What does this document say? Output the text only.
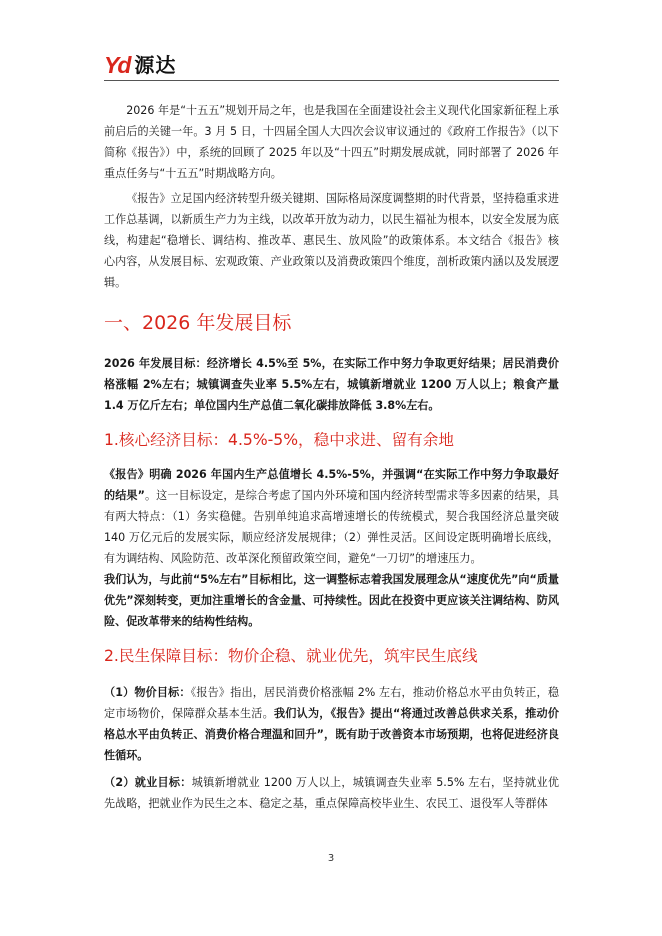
Yd 源达

2026 年是“十五五”规划开局之年，也是我国在全面建设社会主义现代化国家新征程上承前启后的关键一年。3 月 5 日，十四届全国人大四次会议审议通过的《政府工作报告》（以下简称《报告》）中，系统的回顾了 2025 年以及“十四五”时期发展成就，同时部署了 2026 年重点任务与“十五五”时期战略方向。

《报告》立足国内经济转型升级关键期、国际格局深度调整期的时代背景，坚持稳重求进工作总基调，以新质生产力为主线，以改革开放为动力，以民生福祉为根本，以安全发展为底线，构建起“稳增长、调结构、推改革、惠民生、放风险”的政策体系。本文结合《报告》核心内容，从发展目标、宏观政策、产业政策以及消费政策四个维度，剖析政策内涵以及发展逻辑。

一、2026 年发展目标

2026 年发展目标：经济增长 4.5%至 5%，在实际工作中努力争取更好结果；居民消费价格涨幅 2%左右；城镇调查失业率 5.5%左右，城镇新增就业 1200 万人以上；粮食产量 1.4 万亿斤左右；单位国内生产总值二氧化碳排放降低 3.8%左右。

1.核心经济目标：4.5%-5%，稳中求进、留有余地

《报告》明确 2026 年国内生产总值增长 4.5%-5%，并强调“在实际工作中努力争取最好的结果”。这一目标设定，是综合考虑了国内外环境和国内经济转型需求等多因素的结果，具有两大特点：（1）务实稳健。告别单纯追求高增速增长的传统模式，契合我国经济总量突破 140 万亿元后的发展实际，顺应经济发展规律；（2）弹性灵活。区间设定既明确增长底线，有为调结构、风险防范、改革深化预留政策空间，避免“一刀切”的增速压力。

我们认为，与此前“5%左右”目标相比，这一调整标志着我国发展理念从“速度优先”向“质量优先”深刻转变，更加注重增长的含金量、可持续性。因此在投资中更应该关注调结构、防风险、促改革带来的结构性结构。

2.民生保障目标：物价企稳、就业优先，筑牢民生底线

（1）物价目标：《报告》指出，居民消费价格涨幅 2% 左右，推动价格总水平由负转正，稳定市场物价，保障群众基本生活。我们认为，《报告》提出“将通过改善总供求关系，推动价格总水平由负转正、消费价格合理温和回升”，既有助于改善资本市场预期，也将促进经济良性循环。

（2）就业目标：城镇新增就业 1200 万人以上，城镇调查失业率 5.5% 左右，坚持就业优先战略，把就业作为民生之本、稳定之基，重点保障高校毕业生、农民工、退役军人等群体

3
